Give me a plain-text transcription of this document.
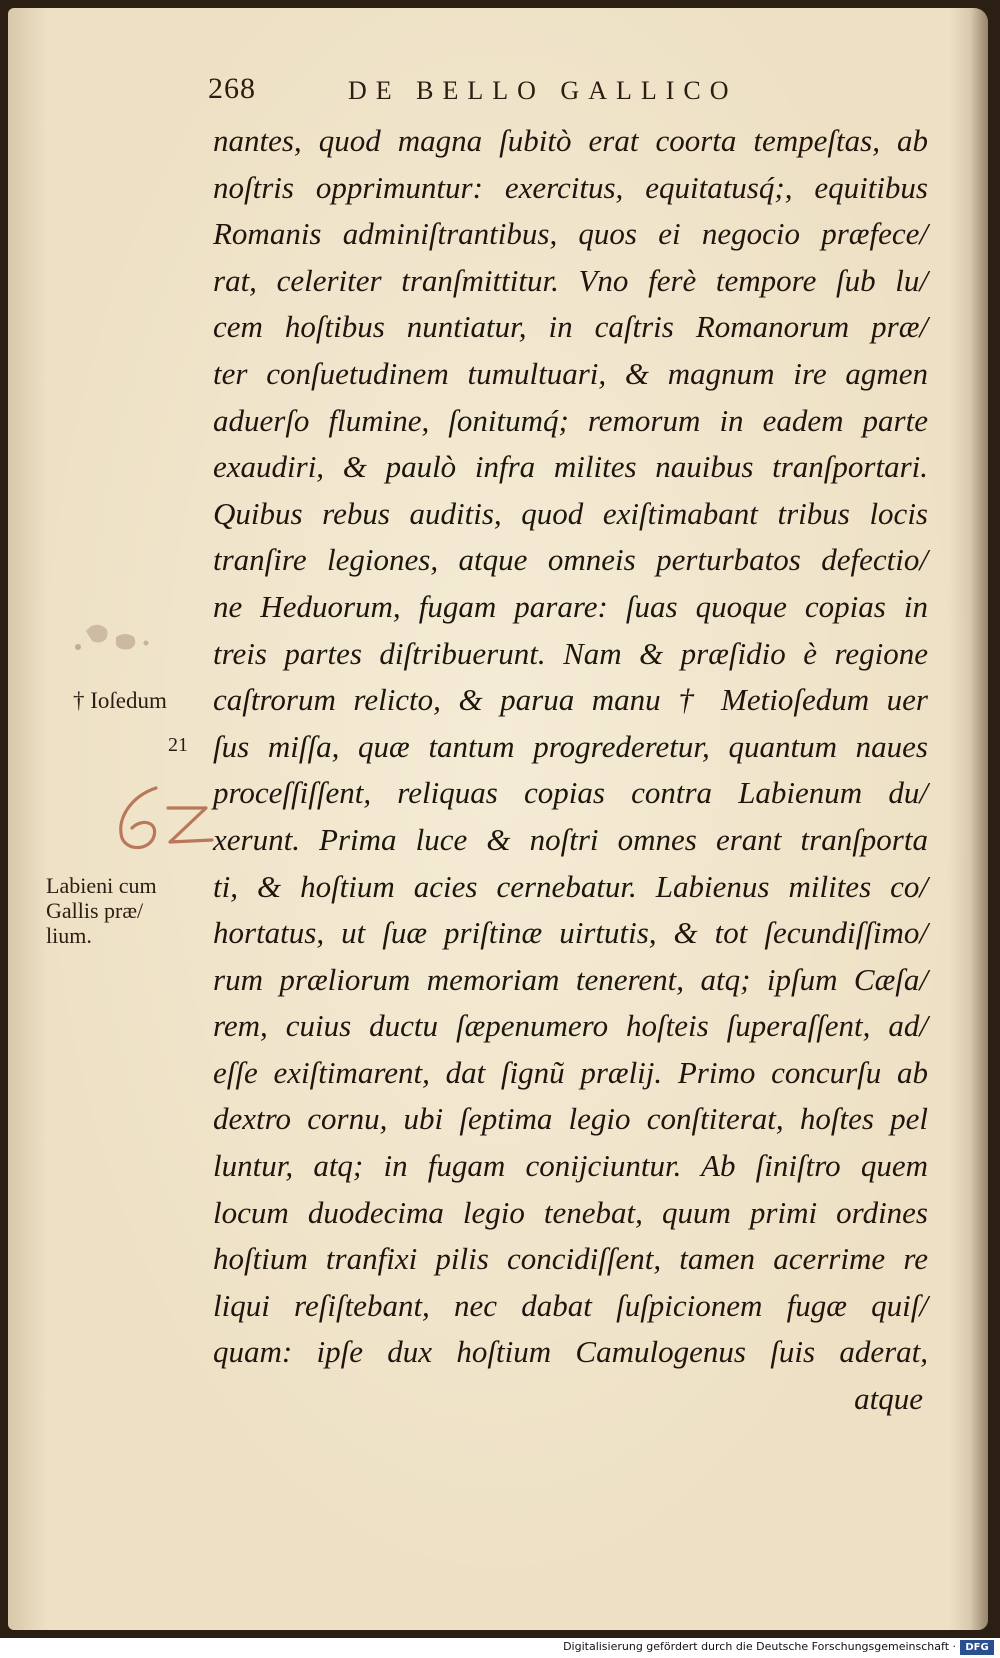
268	DE BELLO GALLICO
† Ioſedum
21
Labieni cum
Gallis præ/
lium.
nantes, quod magna ſubitò erat coorta tempeſtas, ab
noſtris opprimuntur: exercitus, equitatusq́;, equitibus
Romanis adminiſtrantibus, quos ei negocio præfece/
rat, celeriter tranſmittitur. Vno ferè tempore ſub lu/
cem hoſtibus nuntiatur, in caſtris Romanorum præ/
ter conſuetudinem tumultuari, & magnum ire agmen
aduerſo flumine, ſonitumq́; remorum in eadem parte
exaudiri, & paulò infra milites nauibus tranſportari.
Quibus rebus auditis, quod exiſtimabant tribus locis
tranſire legiones, atque omneis perturbatos defectio/
ne Heduorum, fugam parare: ſuas quoque copias in
treis partes diſtribuerunt. Nam & præſidio è regione
caſtrorum relicto, & parua manu † Metioſedum uer
ſus miſſa, quæ tantum progrederetur, quantum naues
proceſſiſſent, reliquas copias contra Labienum du/
xerunt. Prima luce & noſtri omnes erant tranſporta
ti, & hoſtium acies cernebatur. Labienus milites co/
hortatus, ut ſuæ priſtinæ uirtutis, & tot ſecundiſſimo/
rum præliorum memoriam tenerent, atq; ipſum Cæſa/
rem, cuius ductu ſæpenumero hoſteis ſuperaſſent, ad/
eſſe exiſtimarent, dat ſignũ prælij. Primo concurſu ab
dextro cornu, ubi ſeptima legio conſtiterat, hoſtes pel
luntur, atq; in fugam conijciuntur. Ab ſiniſtro quem
locum duodecima legio tenebat, quum primi ordines
hoſtium tranfixi pilis concidiſſent, tamen acerrime re
liqui reſiſtebant, nec dabat ſuſpicionem fugæ quiſ/
quam: ipſe dux hoſtium Camulogenus ſuis aderat,
atque
Digitalisierung gefördert durch die Deutsche Forschungsgemeinschaft · DFG
